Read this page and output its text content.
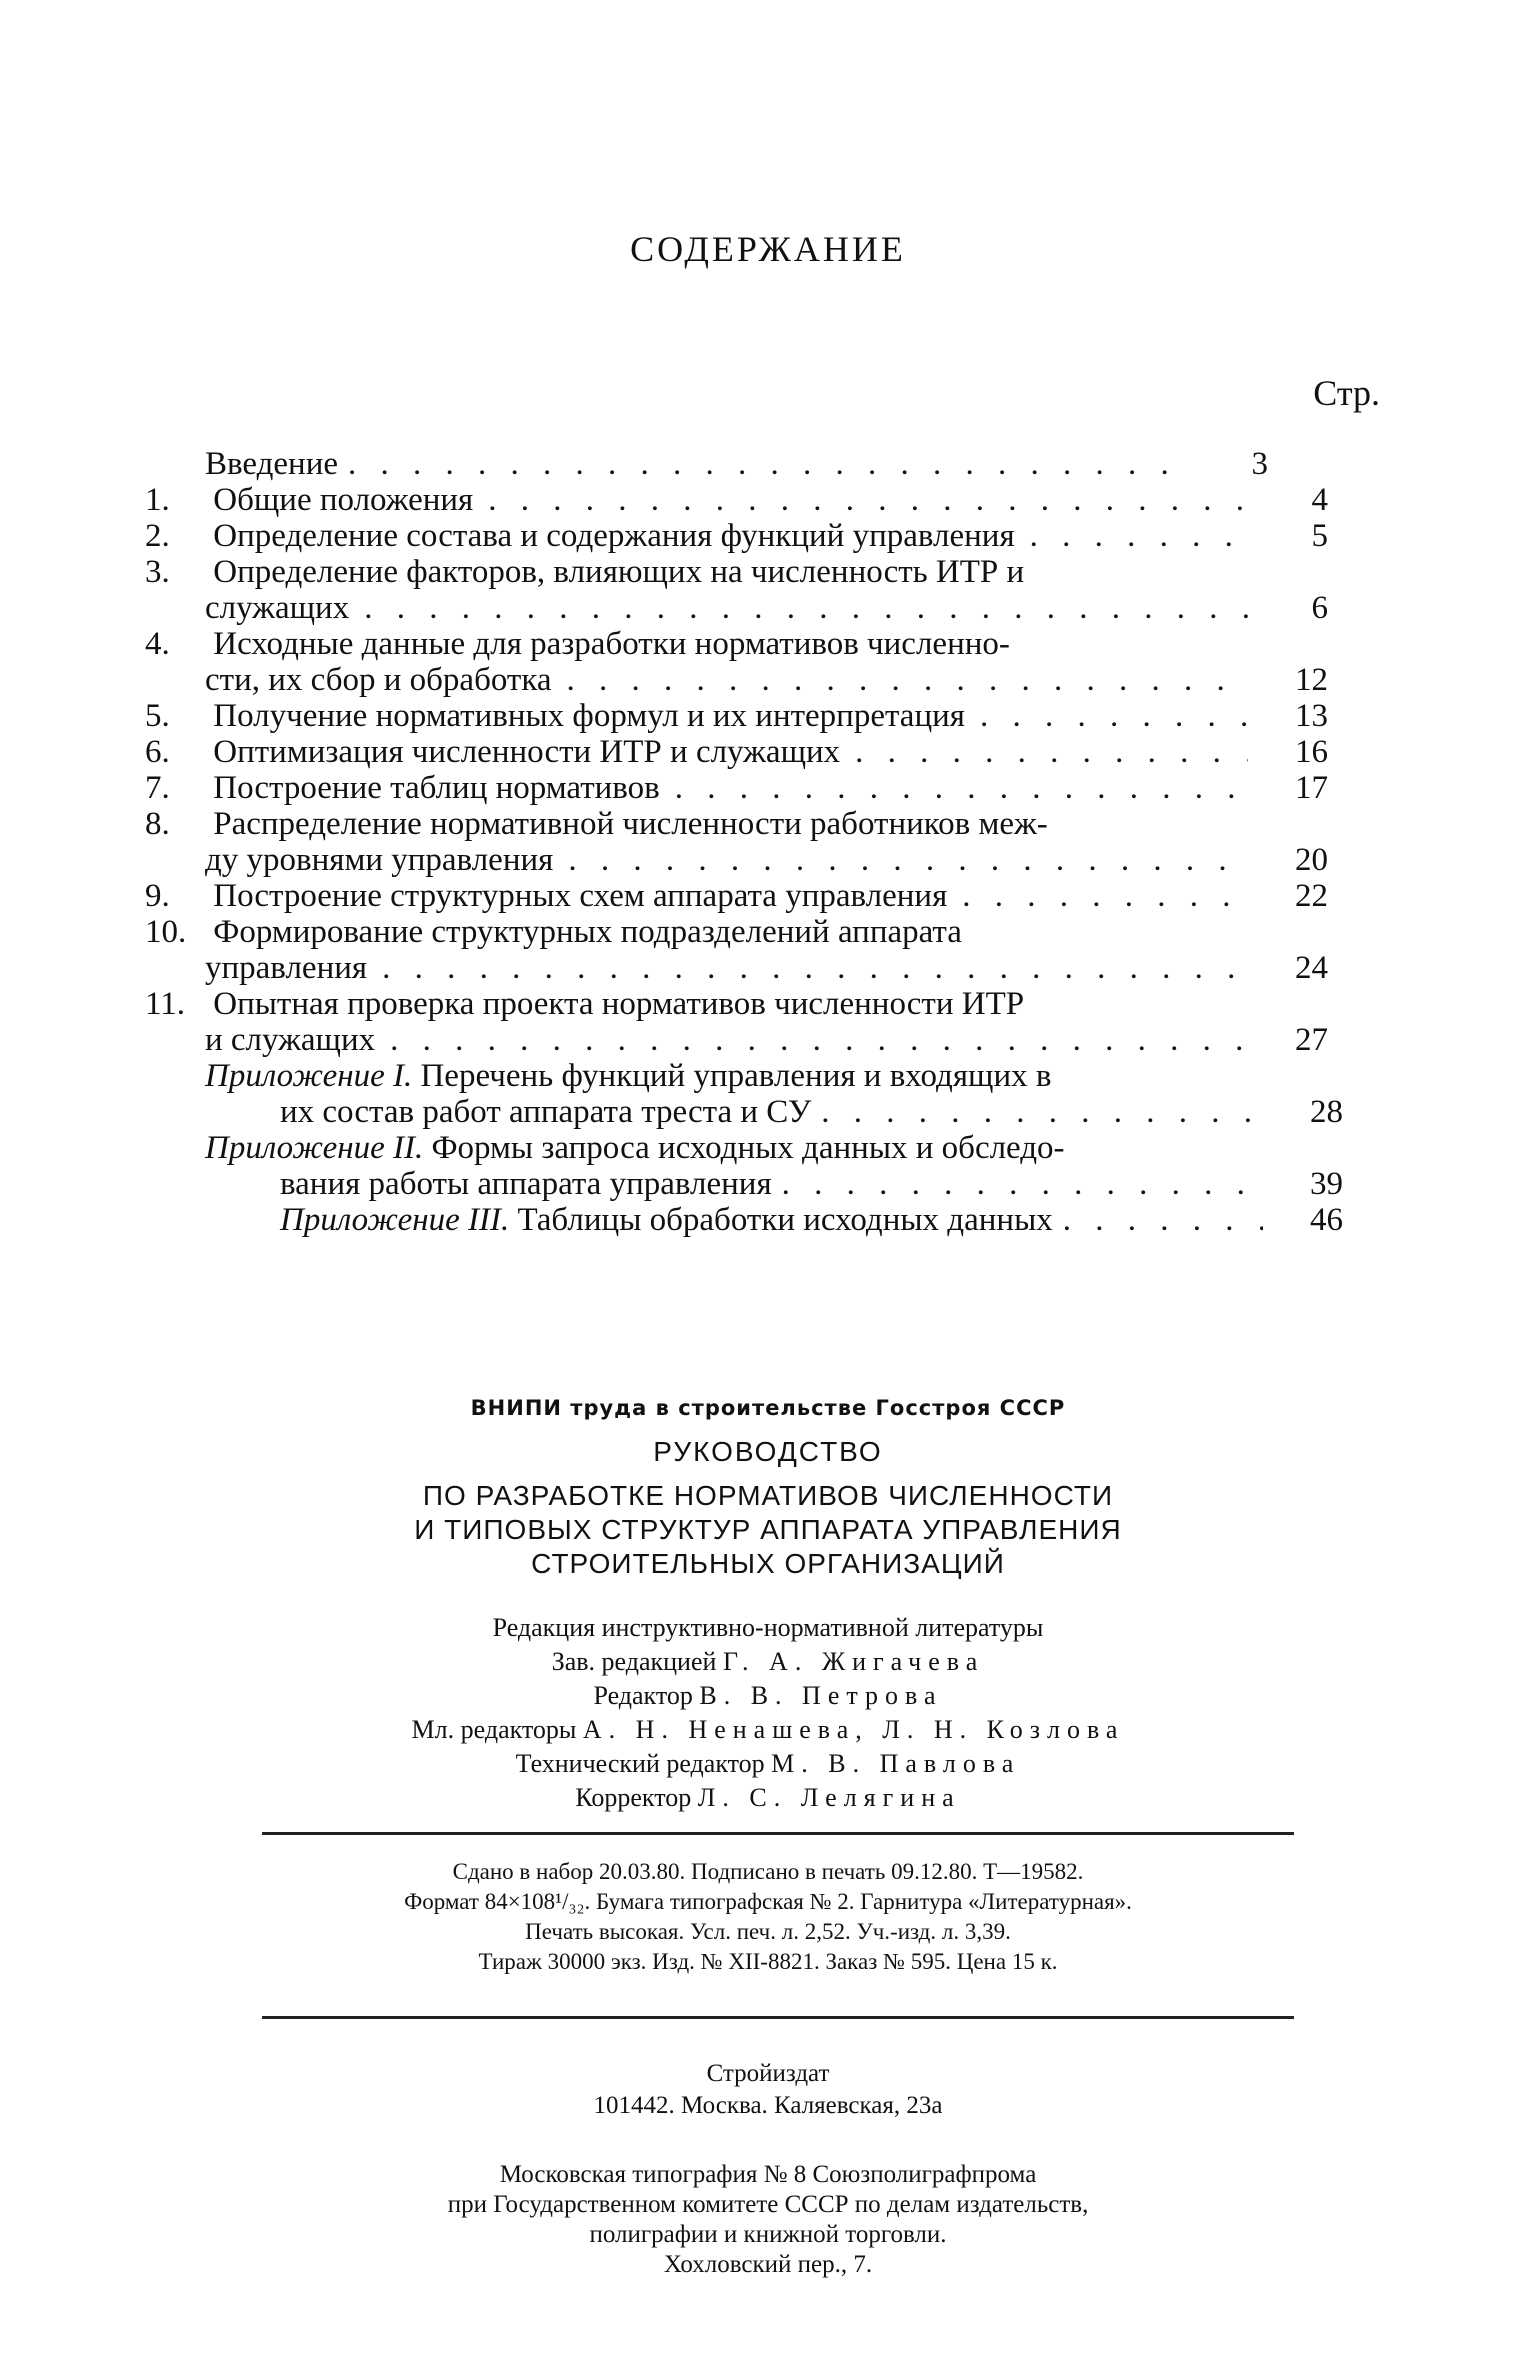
СОДЕРЖАНИЕ
Стр.
Введение . . .	3
1. Общие положения . . .	4
2. Определение состава и содержания функций управления . . .	5
3. Определение факторов, влияющих на численность ИТР и
служащих . . .	6
4. Исходные данные для разработки нормативов численно-
сти, их сбор и обработка . . .	12
5. Получение нормативных формул и их интерпретация . . .	13
6. Оптимизация численности ИТР и служащих . . .	16
7. Построение таблиц нормативов . . .	17
8. Распределение нормативной численности работников меж-
ду уровнями управления . . .	20
9. Построение структурных схем аппарата управления . . .	22
10. Формирование структурных подразделений аппарата
управления . . .	24
11. Опытная проверка проекта нормативов численности ИТР
и служащих . . .	27
Приложение I. Перечень функций управления и входящих в
их состав работ аппарата треста и СУ . . .	28
Приложение II. Формы запроса исходных данных и обследо-
вания работы аппарата управления . . .	39
Приложение III. Таблицы обработки исходных данных . . .	46
ВНИПИ труда в строительстве Госстроя СССР
РУКОВОДСТВО

ПО РАЗРАБОТКЕ НОРМАТИВОВ ЧИСЛЕННОСТИ

И ТИПОВЫХ СТРУКТУР АППАРАТА УПРАВЛЕНИЯ

СТРОИТЕЛЬНЫХ ОРГАНИЗАЦИЙ

Редакция инструктивно-нормативной литературы

Зав. редакцией Г. А. Жигачева

Редактор В. В. Петрова

Мл. редакторы А. Н. Ненашева, Л. Н. Козлова

Технический редактор М. В. Павлова

Корректор Л. С. Лелягина

Сдано в набор 20.03.80. Подписано в печать 09.12.80. Т—19582.

Формат 84×108¹/₃₂. Бумага типографская № 2. Гарнитура «Литературная».

Печать высокая. Усл. печ. л. 2,52. Уч.-изд. л. 3,39.

Тираж 30000 экз. Изд. № XII-8821. Заказ № 595. Цена 15 к.

Стройиздат

101442. Москва. Каляевская, 23а

Московская типография № 8 Союзполиграфпрома

при Государственном комитете СССР по делам издательств,

полиграфии и книжной торговли.

Хохловский пер., 7.
